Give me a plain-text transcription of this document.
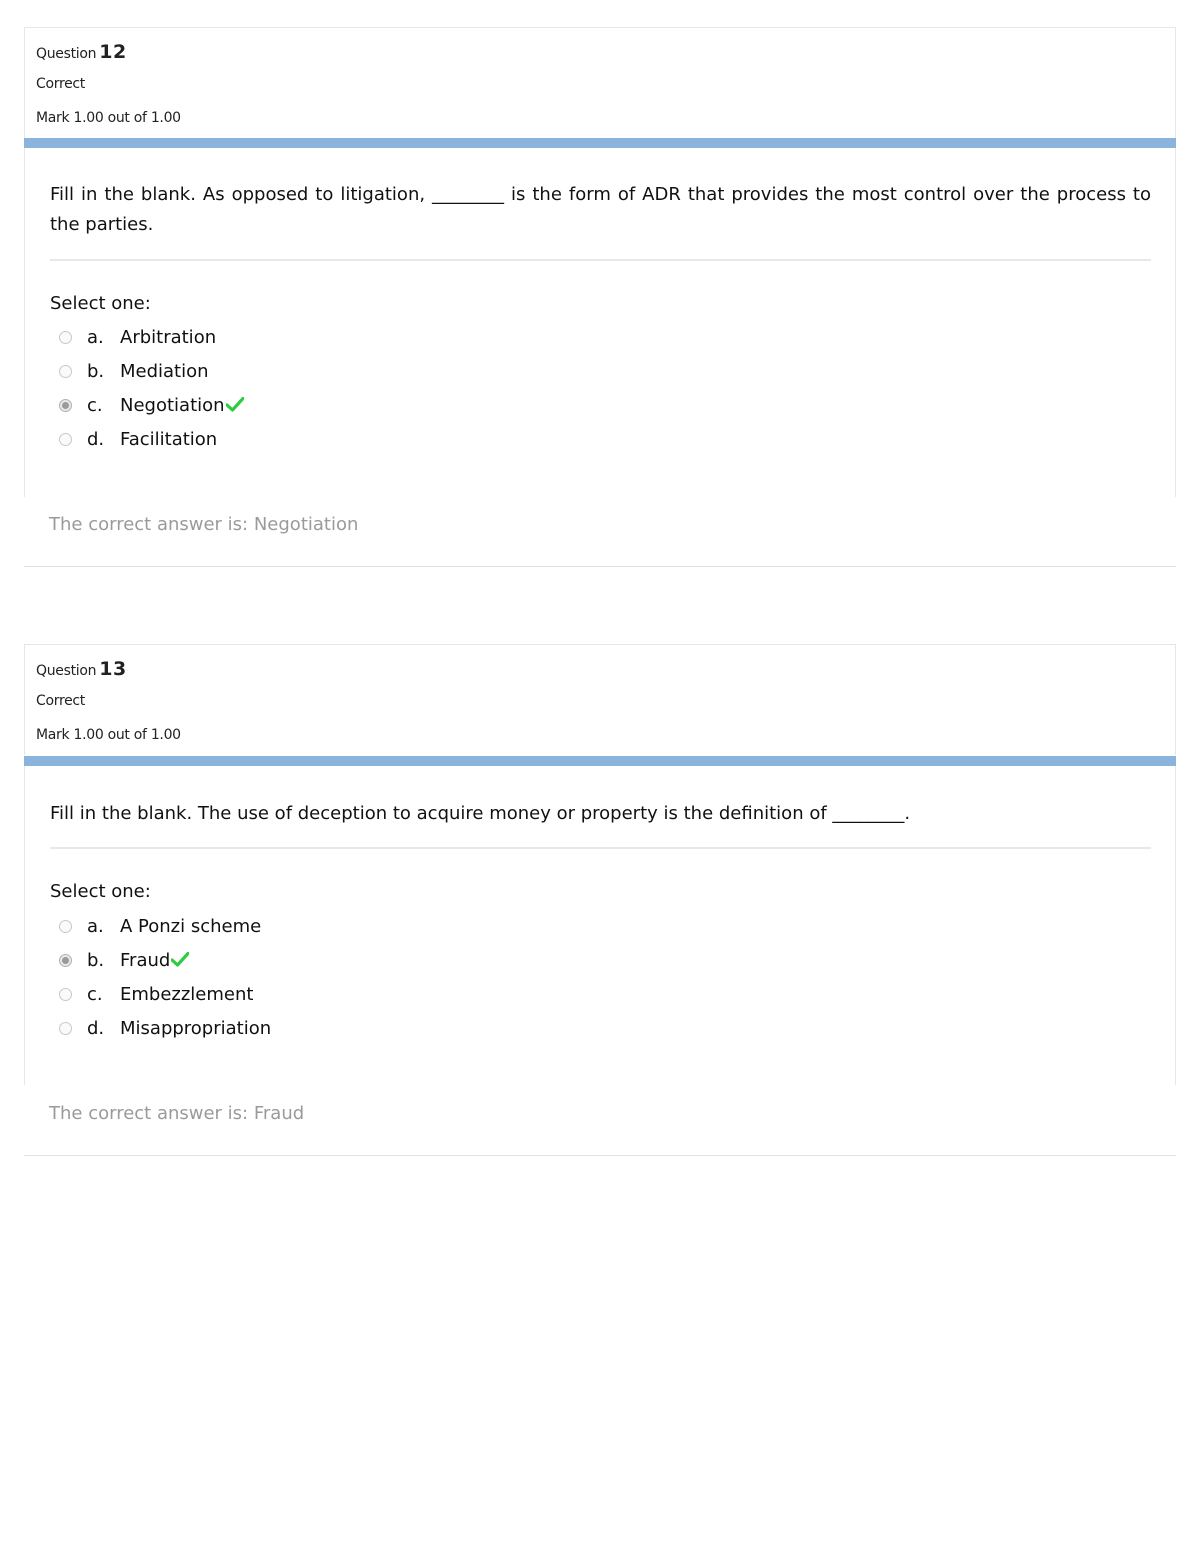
Question 12
Correct
Mark 1.00 out of 1.00
Fill in the blank. As opposed to litigation, ________ is the form of ADR that provides the most control over the process to the parties.
Select one:
a. Arbitration
b. Mediation
c. Negotiation
d. Facilitation
The correct answer is: Negotiation
Question 13
Correct
Mark 1.00 out of 1.00
Fill in the blank. The use of deception to acquire money or property is the definition of ________.
Select one:
a. A Ponzi scheme
b. Fraud
c. Embezzlement
d. Misappropriation
The correct answer is: Fraud
